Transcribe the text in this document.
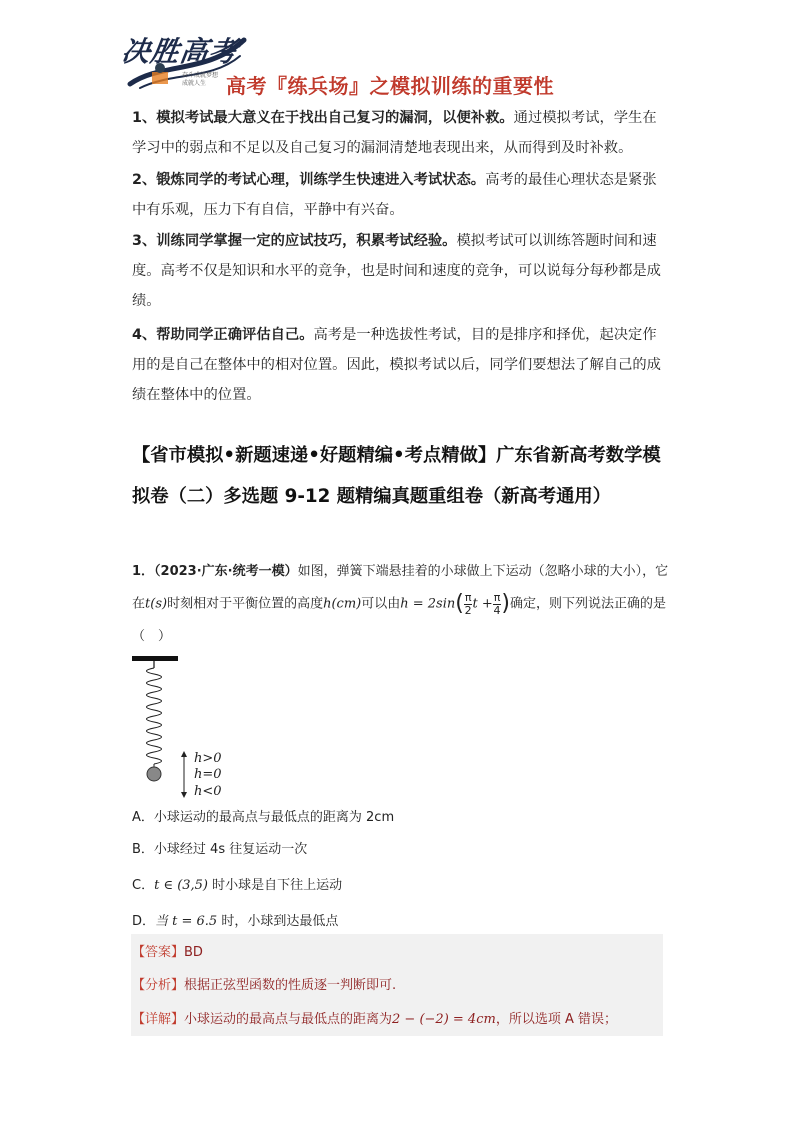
决胜高考
奋斗成就梦想 成就人生 高考『练兵场』之模拟训练的重要性
1、模拟考试最大意义在于找出自己复习的漏洞，以便补救。通过模拟考试，学生在学习中的弱点和不足以及自己复习的漏洞清楚地表现出来，从而得到及时补救。
2、锻炼同学的考试心理，训练学生快速进入考试状态。高考的最佳心理状态是紧张中有乐观，压力下有自信，平静中有兴奋。
3、训练同学掌握一定的应试技巧，积累考试经验。模拟考试可以训练答题时间和速度。高考不仅是知识和水平的竞争，也是时间和速度的竞争，可以说每分每秒都是成绩。
4、帮助同学正确评估自己。高考是一种选拔性考试，目的是排序和择优，起决定作用的是自己在整体中的相对位置。因此，模拟考试以后，同学们要想法了解自己的成绩在整体中的位置。
【省市模拟•新题速递•好题精编•考点精做】广东省新高考数学模拟卷（二）多选题 9-12 题精编真题重组卷（新高考通用）
1．（2023·广东·统考一模）如图，弹簧下端悬挂着的小球做上下运动（忽略小球的大小），它在t(s)时刻相对于平衡位置的高度h(cm)可以由$h = 2\sin( \frac{\pi}{2}$ $t + \frac{\pi}{4}$ )确定，则下列说法正确的是（　）
h>0
h=0
h<0
A．小球运动的最高点与最低点的距离为 2cm
B．小球经过 4s 往复运动一次
C．t ∈ (3,5) 时小球是自下往上运动
D．当 t = 6.5 时，小球到达最低点
【答案】BD
【分析】根据正弦型函数的性质逐一判断即可.
【详解】小球运动的最高点与最低点的距离为2 − (−2) = 4cm，所以选项 A 错误；
